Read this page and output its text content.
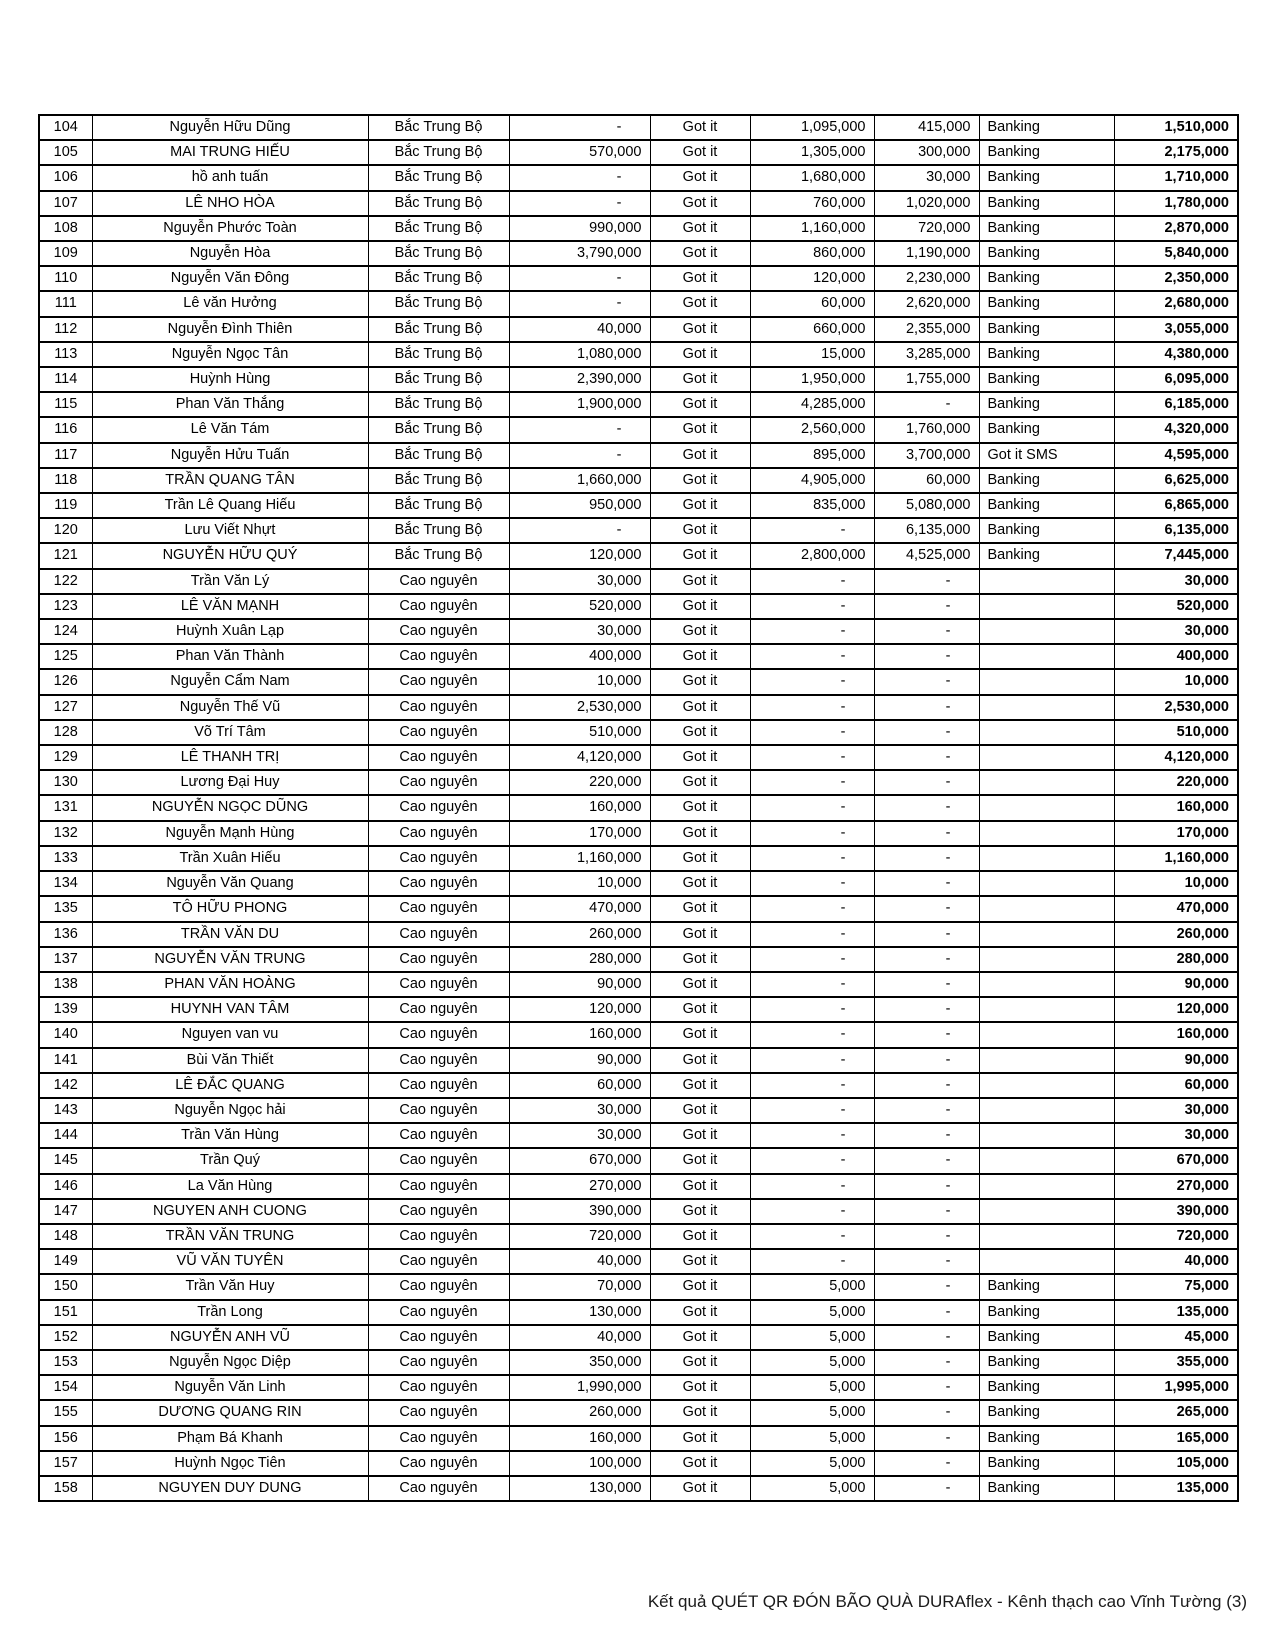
104	Nguyễn Hữu Dũng	Bắc Trung Bộ	-	Got it	1,095,000	415,000	Banking	1,510,000
105	MAI TRUNG HIẾU	Bắc Trung Bộ	570,000	Got it	1,305,000	300,000	Banking	2,175,000
106	hồ anh tuấn	Bắc Trung Bộ	-	Got it	1,680,000	30,000	Banking	1,710,000
107	LÊ NHO HÒA	Bắc Trung Bộ	-	Got it	760,000	1,020,000	Banking	1,780,000
108	Nguyễn Phước Toàn	Bắc Trung Bộ	990,000	Got it	1,160,000	720,000	Banking	2,870,000
109	Nguyễn Hòa	Bắc Trung Bộ	3,790,000	Got it	860,000	1,190,000	Banking	5,840,000
110	Nguyễn Văn Đông	Bắc Trung Bộ	-	Got it	120,000	2,230,000	Banking	2,350,000
111	Lê văn Hưởng	Bắc Trung Bộ	-	Got it	60,000	2,620,000	Banking	2,680,000
112	Nguyễn Đình Thiên	Bắc Trung Bộ	40,000	Got it	660,000	2,355,000	Banking	3,055,000
113	Nguyễn Ngọc Tân	Bắc Trung Bộ	1,080,000	Got it	15,000	3,285,000	Banking	4,380,000
114	Huỳnh Hùng	Bắc Trung Bộ	2,390,000	Got it	1,950,000	1,755,000	Banking	6,095,000
115	Phan Văn Thắng	Bắc Trung Bộ	1,900,000	Got it	4,285,000	-	Banking	6,185,000
116	Lê Văn Tám	Bắc Trung Bộ	-	Got it	2,560,000	1,760,000	Banking	4,320,000
117	Nguyễn Hửu Tuấn	Bắc Trung Bộ	-	Got it	895,000	3,700,000	Got it SMS	4,595,000
118	TRẦN QUANG TÂN	Bắc Trung Bộ	1,660,000	Got it	4,905,000	60,000	Banking	6,625,000
119	Trần Lê Quang Hiếu	Bắc Trung Bộ	950,000	Got it	835,000	5,080,000	Banking	6,865,000
120	Lưu Viết Nhựt	Bắc Trung Bộ	-	Got it	-	6,135,000	Banking	6,135,000
121	NGUYỄN HỮU QUÝ	Bắc Trung Bộ	120,000	Got it	2,800,000	4,525,000	Banking	7,445,000
122	Trần Văn Lý	Cao nguyên	30,000	Got it	-	-		30,000
123	LÊ VĂN MẠNH	Cao nguyên	520,000	Got it	-	-		520,000
124	Huỳnh Xuân Lạp	Cao nguyên	30,000	Got it	-	-		30,000
125	Phan Văn Thành	Cao nguyên	400,000	Got it	-	-		400,000
126	Nguyễn Cẩm Nam	Cao nguyên	10,000	Got it	-	-		10,000
127	Nguyễn Thế Vũ	Cao nguyên	2,530,000	Got it	-	-		2,530,000
128	Võ Trí Tâm	Cao nguyên	510,000	Got it	-	-		510,000
129	LÊ THANH TRỊ	Cao nguyên	4,120,000	Got it	-	-		4,120,000
130	Lương Đại Huy	Cao nguyên	220,000	Got it	-	-		220,000
131	NGUYỄN NGỌC DŨNG	Cao nguyên	160,000	Got it	-	-		160,000
132	Nguyễn Mạnh Hùng	Cao nguyên	170,000	Got it	-	-		170,000
133	Trần Xuân Hiếu	Cao nguyên	1,160,000	Got it	-	-		1,160,000
134	Nguyễn Văn Quang	Cao nguyên	10,000	Got it	-	-		10,000
135	TÔ HỮU PHONG	Cao nguyên	470,000	Got it	-	-		470,000
136	TRẦN VĂN DU	Cao nguyên	260,000	Got it	-	-		260,000
137	NGUYỄN VĂN TRUNG	Cao nguyên	280,000	Got it	-	-		280,000
138	PHAN VĂN HOÀNG	Cao nguyên	90,000	Got it	-	-		90,000
139	HUYNH VAN TÂM	Cao nguyên	120,000	Got it	-	-		120,000
140	Nguyen van vu	Cao nguyên	160,000	Got it	-	-		160,000
141	Bùi Văn Thiết	Cao nguyên	90,000	Got it	-	-		90,000
142	LÊ ĐẮC QUANG	Cao nguyên	60,000	Got it	-	-		60,000
143	Nguyễn Ngọc hải	Cao nguyên	30,000	Got it	-	-		30,000
144	Trần Văn Hùng	Cao nguyên	30,000	Got it	-	-		30,000
145	Trần Quý	Cao nguyên	670,000	Got it	-	-		670,000
146	La Văn Hùng	Cao nguyên	270,000	Got it	-	-		270,000
147	NGUYEN ANH CUONG	Cao nguyên	390,000	Got it	-	-		390,000
148	TRẦN VĂN TRUNG	Cao nguyên	720,000	Got it	-	-		720,000
149	VŨ VĂN TUYÊN	Cao nguyên	40,000	Got it	-	-		40,000
150	Trần Văn Huy	Cao nguyên	70,000	Got it	5,000	-	Banking	75,000
151	Trần Long	Cao nguyên	130,000	Got it	5,000	-	Banking	135,000
152	NGUYỄN ANH VŨ	Cao nguyên	40,000	Got it	5,000	-	Banking	45,000
153	Nguyễn Ngọc Diệp	Cao nguyên	350,000	Got it	5,000	-	Banking	355,000
154	Nguyễn Văn Linh	Cao nguyên	1,990,000	Got it	5,000	-	Banking	1,995,000
155	DƯƠNG QUANG RIN	Cao nguyên	260,000	Got it	5,000	-	Banking	265,000
156	Phạm Bá Khanh	Cao nguyên	160,000	Got it	5,000	-	Banking	165,000
157	Huỳnh Ngọc Tiên	Cao nguyên	100,000	Got it	5,000	-	Banking	105,000
158	NGUYEN DUY DUNG	Cao nguyên	130,000	Got it	5,000	-	Banking	135,000
Kết quả QUÉT QR ĐÓN BÃO QUÀ DURAflex - Kênh thạch cao Vĩnh Tường (3)
